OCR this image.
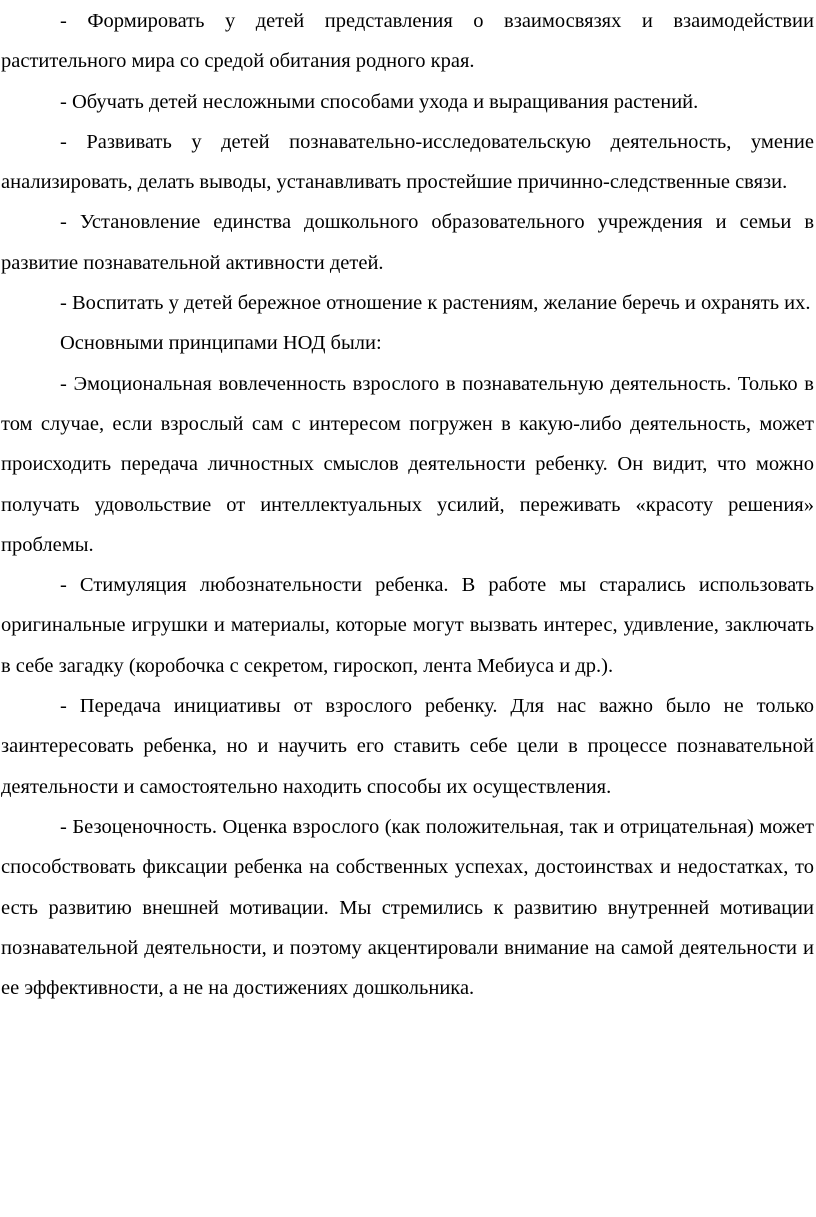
- Формировать у детей представления о взаимосвязях и взаимодействии растительного мира со средой обитания родного края.
- Обучать детей несложными способами ухода и выращивания растений.
- Развивать у детей познавательно-исследовательскую деятельность, умение анализировать, делать выводы, устанавливать простейшие причинно-следственные связи.
- Установление единства дошкольного образовательного учреждения и семьи в развитие познавательной активности детей.
- Воспитать у детей бережное отношение к растениям, желание беречь и охранять их.
Основными принципами НОД были:
- Эмоциональная вовлеченность взрослого в познавательную деятельность. Только в том случае, если взрослый сам с интересом погружен в какую-либо деятельность, может происходить передача личностных смыслов деятельности ребенку. Он видит, что можно получать удовольствие от интеллектуальных усилий, переживать «красоту решения» проблемы.
- Стимуляция любознательности ребенка. В работе мы старались использовать оригинальные игрушки и материалы, которые могут вызвать интерес, удивление, заключать в себе загадку (коробочка с секретом, гироскоп, лента Мебиуса и др.).
- Передача инициативы от взрослого ребенку. Для нас важно было не только заинтересовать ребенка, но и научить его ставить себе цели в процессе познавательной деятельности и самостоятельно находить способы их осуществления.
- Безоценочность. Оценка взрослого (как положительная, так и отрицательная) может способствовать фиксации ребенка на собственных успехах, достоинствах и недостатках, то есть развитию внешней мотивации. Мы стремились к развитию внутренней мотивации познавательной деятельности, и поэтому акцентировали внимание на самой деятельности и ее эффективности, а не на достижениях дошкольника.
